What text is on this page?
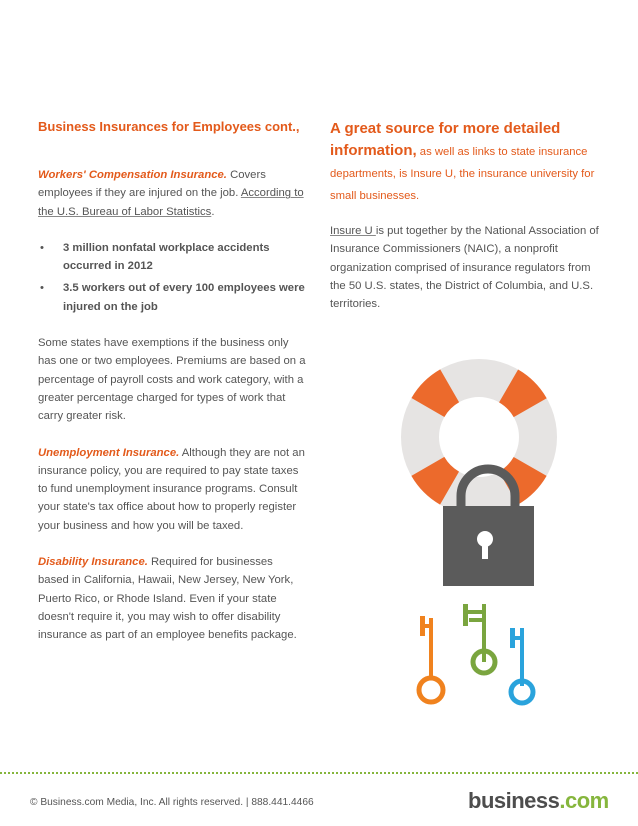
Business Insurances for Employees cont.,

Workers' Compensation Insurance. Covers employees if they are injured on the job. According to the U.S. Bureau of Labor Statistics.

• 3 million nonfatal workplace accidents occurred in 2012
• 3.5 workers out of every 100 employees were injured on the job

Some states have exemptions if the business only has one or two employees. Premiums are based on a percentage of payroll costs and work category, with a greater percentage charged for types of work that carry greater risk.

Unemployment Insurance. Although they are not an insurance policy, you are required to pay state taxes to fund unemployment insurance programs. Consult your state's tax office about how to properly register your business and how you will be taxed.

Disability Insurance. Required for businesses based in California, Hawaii, New Jersey, New York, Puerto Rico, or Rhode Island. Even if your state doesn't require it, you may wish to offer disability insurance as part of an employee benefits package.

A great source for more detailed information, as well as links to state insurance departments, is Insure U, the insurance university for small businesses.

Insure U is put together by the National Association of Insurance Commissioners (NAIC), a nonprofit organization comprised of insurance regulators from the 50 U.S. states, the District of Columbia, and U.S. territories.

© Business.com Media, Inc. All rights reserved. | 888.441.4466	business.com
